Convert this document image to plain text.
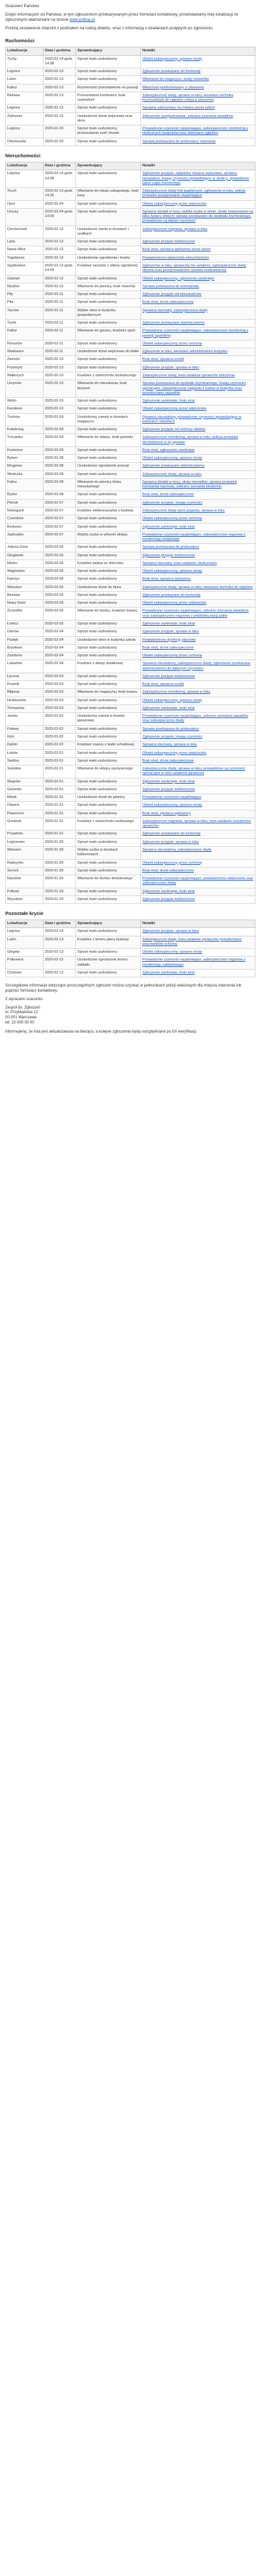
Szanowni Państwo

Dzięki informacjom od Państwa, w tym zgłoszeniom przekazywanym przez formularz kontaktowy, przedstawiamy listę lokalizacji ze zgłoszonymi włamaniami na stronie www.policja.pl.

Poniżej zestawienie zdarzeń z podziałem na rodzaj obiektu, wraz z informacją o działaniach podjętych po zgłoszeniu.

Ruchomości
Lokalizacja	Data i godzina	Sprawdzający	Notatki
Tychy	2020-02-14 godz. 14:38	Sprzęt mało uszkodzony	Obiekt zabezpieczony, spisano straty
Legnica	2020-02-13	Sprzęt mało uszkodzony	Zgłoszenie przekazane do komendy
Lubin	2020-02-13	Sprzęt mało uszkodzony	Włamanie do magazynu, straty niewielkie
Kalisz	2020-02-13	Ruchomości pozostawione na posesji	Właściciel poinformowany o zdarzeniu
Bielawa	2020-02-13	Przeszukanie kontenera, brak uszkodzeń	Zabezpieczono ślady, sprawa w toku; wezwano technika kryminalistyki do oględzin miejsca zdarzenia
Legnica	2020-02-12	Sprzęt mało uszkodzony	Sprawca zatrzymany na miejscu przez patrol
Zabrzeże	2020-02-12	Uszkodzone drzwi wejściowe oraz okno	Zgłoszenie zarejestrowane, zebrano zeznania świadków
Legnica	2020-02-20	Sprzęt mało uszkodzony, przeszukanie szaf i biurek	Prowadzone czynności wyjaśniające, zabezpieczono monitoring z okolicznych budynków oraz dokonano oględzin
Ostrzeszów	2020-02-20	Sprzęt mało uszkodzony	Sprawa przekazana do prokuratury rejonowej
Nieruchomości
Lokalizacja	Data i godzina	Sprawdzający	Notatki
Legnica	2020-02-14 godz. 14:38	Sprzęt mało uszkodzony	Zgłoszenie przyjęte, oględziny miejsca wykonane, sprawcy nieustaleni, trwają czynności sprawdzające w okolicy; sprawdzono także zapis monitoringu
Toruń	2020-02-13 godz. 14:30	Włamanie do lokalu usługowego, brak kasy	Zabezpieczono ślady linii papilarnych, zgłoszenie w toku; policja prowadzi postępowanie wyjaśniające
Opol	2020-02-04	Sprzęt mało uszkodzony	Obiekt zabezpieczony przez właściciela
Ursusy	2020-02-04 godz. 14:00	Sprzęt mało uszkodzony	Sprawca działał w nocy, wybita szyba w oknie, straty oszacowano na kilka tysięcy złotych; sprawę przekazano do wydziału kryminalnego, prowadzone są dalsze czynności
Ciechocinek	2020-02-12	Uszkodzone zamki w drzwiach i szafkach	Zabezpieczono nagrania, sprawa w toku
Lęka	2020-02-12	Sprzęt mało uszkodzony	Zgłoszenie przyjęte telefonicznie
Nowa Wieś	2020-02-12	Sprzęt mało uszkodzony	Brak strat, sprawca spłoszony przez alarm
Tęgoborze	2020-02-12	Uszkodzenie ogrodzenia i bramy	Powiadomiono właściciela nieruchomości
Spytkowice	2020-02-12 godz. 14:00	Kradzież narzędzi z altany ogrodowej	Zgłoszenie w toku, sprawców nie ustalono; zabezpieczono ślady obuwia oraz przeprowadzono wywiad środowiskowy
Gdańsk	2020-02-12	Sprzęt mało uszkodzony	Obiekt zabezpieczony, zgłoszenie zamknięte
Mysłów	2020-02-12	Włamanie do piwnicy, brak rowerów	Sprawa przekazana do komisariatu
Piły	2020-02-11	Sprzęt mało uszkodzony	Zgłoszenie przyjęte od mieszkańców
Piła	2020-02-11	Sprzęt mało uszkodzony	Brak strat, drzwi zabezpieczone
Tarnów	2020-02-11	Wybite okno w budynku gospodarczym	Sprawca nieznany, zabezpieczono ślady
Turek	2020-02-11	Sprzęt mało uszkodzony	Zgłoszenie przekazane dzielnicowemu
Kalisz	2020-02-11	Włamanie do garażu, kradzież opon	Prowadzone czynności wyjaśniające, zabezpieczono monitoring z posesji sąsiedniej
Rzeszów	2020-02-11	Sprzęt mało uszkodzony	Obiekt zabezpieczony przez ochronę
Wadowice	2020-02-11	Uszkodzone drzwi wejściowe do klatki	Zgłoszenie w toku, wezwano administratora budynku
Zamość	2020-02-10	Sprzęt mało uszkodzony	Brak strat, sprawca uciekł
Przemyśl	2020-02-10	Sprzęt mało uszkodzony	Zgłoszenie przyjęte, sprawa w toku
Wałbrzych	2020-02-10	Kradzież z samochodu dostawczego	Zabezpieczono ślady, trwa ustalanie sprawców zdarzenia
Ursynów	2020-02-10	Włamanie do mieszkania, brak biżuterii	Sprawa przekazana do wydziału kryminalnego, trwają czynności operacyjne; zabezpieczono nagrania z kamer w budynku oraz przesłuchano sąsiadów
Wolin	2020-02-10	Sprzęt mało uszkodzony	Zgłoszenie zamknięte, brak strat
Karolewo	2020-02-10	Sprzęt mało uszkodzony	Obiekt zabezpieczony przez właściciela
Tuchów	2020-02-09	Uszkodzony zamek w drzwiach magazynu	Sprawca nieustalony, prowadzone czynności sprawdzające w pobliskich obiektach
Kołobrzeg	2020-02-09	Sprzęt mało uszkodzony	Zgłoszenie przyjęte od ochrony obiektu
Trzcianka	2020-02-09	Włamanie do sklepu, brak gotówki	Zabezpieczono monitoring, sprawa w toku; policja prowadzi dochodzenie w tej sprawie
Kozienice	2020-02-09	Sprzęt mało uszkodzony	Brak strat, zgłoszenie zamknięte
Bytom	2020-02-08	Sprzęt mało uszkodzony	Obiekt zabezpieczony, spisano straty
Mrągowo	2020-02-08	Uszkodzone ogrodzenie posesji	Zgłoszenie przekazane dzielnicowemu
Wieliczka	2020-02-08	Sprzęt mało uszkodzony	Zabezpieczono ślady, sprawa w toku
Kalisz	2020-02-08	Włamanie do piwnicy bloku mieszkalnego	Sprawca działał w nocy, straty niewielkie; sprawę prowadzi komisariat rejonowy, zebrano zeznania lokatorów
Bytów	2020-02-08	Sprzęt mało uszkodzony	Brak strat, drzwi zabezpieczone
Płońsk	2020-02-07	Sprzęt mało uszkodzony	Zgłoszenie przyjęte, trwają czynności
Nowogard	2020-02-07	Kradzież elektronarzędzi z budowy	Zabezpieczono ślady opon pojazdu, sprawa w toku
Czarnków	2020-02-07	Sprzęt mało uszkodzony	Obiekt zabezpieczony przez ochronę
Borkowo	2020-02-07	Sprzęt mało uszkodzony	Zgłoszenie zamknięte, brak strat
Jastrzębie	2020-02-07	Wybita szyba w witrynie sklepu	Prowadzone czynności wyjaśniające, zabezpieczono nagrania z monitoringu miejskiego
Jelenia Góra	2020-02-06	Sprzęt mało uszkodzony	Sprawa przekazana do prokuratury
Głogówek	2020-02-06	Sprzęt mało uszkodzony	Zgłoszenie przyjęte telefonicznie
Mielec	2020-02-06	Kradzież paliwa ze zbiornika	Sprawca nieznany, trwa ustalanie okoliczności
Wągrowiec	2020-02-06	Sprzęt mało uszkodzony	Obiekt zabezpieczony, spisano straty
Kętrzyn	2020-02-06	Sprzęt mało uszkodzony	Brak strat, sprawca spłoszony
Wolsztyn	2020-02-05	Uszkodzone drzwi do biura	Zabezpieczono ślady, sprawa w toku; wezwano technika do oględzin
Bielawa	2020-02-05	Sprzęt mało uszkodzony	Zgłoszenie przekazane do komendy
Nowy Dwór	2020-02-05	Sprzęt mało uszkodzony	Obiekt zabezpieczony przez właściciela
Żyrardów	2020-02-05	Włamanie do kiosku, kradzież towaru	Prowadzone czynności wyjaśniające, zebrano zeznania świadków oraz zabezpieczono nagrania z pobliskiej stacji paliw
Łowicz	2020-02-05	Sprzęt mało uszkodzony	Zgłoszenie zamknięte, brak strat
Ostrów	2020-02-04	Sprzęt mało uszkodzony	Zgłoszenie przyjęte, sprawa w toku
Pasłęk	2020-02-04	Uszkodzone okno w budynku szkoły	Powiadomiono dyrekcję placówki
Braniewo	2020-02-04	Sprzęt mało uszkodzony	Brak strat, drzwi zabezpieczone
Zambrów	2020-02-04	Sprzęt mało uszkodzony	Obiekt zabezpieczony przez ochronę
Lubartów	2020-02-04	Kradzież z altany działkowej	Sprawca nieustalony, zabezpieczono ślady; zgłoszenie przekazane dzielnicowemu do dalszych czynności
Łęczna	2020-02-03	Sprzęt mało uszkodzony	Zgłoszenie przyjęte telefonicznie
Kraśnik	2020-02-03	Sprzęt mało uszkodzony	Brak strat, sprawca uciekł
Biłgoraj	2020-02-03	Włamanie do magazynu, brak towaru	Zabezpieczono monitoring, sprawa w toku
Hrubieszów	2020-02-03	Sprzęt mało uszkodzony	Obiekt zabezpieczony, spisano straty
Tomaszów	2020-02-03	Sprzęt mało uszkodzony	Zgłoszenie zamknięte, brak strat
Janów	2020-02-02	Uszkodzony zamek w bramie garażowej	Prowadzone czynności wyjaśniające, zebrano zeznania sąsiadów oraz zabezpieczono ślady
Puławy	2020-02-02	Sprzęt mało uszkodzony	Sprawa przekazana do prokuratury
Ryki	2020-02-02	Sprzęt mało uszkodzony	Zgłoszenie przyjęte, trwają czynności
Dęblin	2020-02-02	Kradzież roweru z klatki schodowej	Sprawca nieznany, sprawa w toku
Łuków	2020-02-01	Sprzęt mało uszkodzony	Obiekt zabezpieczony przez właściciela
Siedlce	2020-02-01	Sprzęt mało uszkodzony	Brak strat, drzwi zabezpieczone
Sokołów	2020-02-01	Włamanie do sklepu spożywczego	Zabezpieczono ślady, sprawa w toku; prowadzone są czynności operacyjne w celu ustalenia sprawców
Węgrów	2020-02-01	Sprzęt mało uszkodzony	Zgłoszenie zamknięte, brak strat
Garwolin	2020-02-01	Sprzęt mało uszkodzony	Zgłoszenie przyjęte telefonicznie
Mińsk	2020-01-31	Uszkodzone drzwi do piwnicy	Prowadzone czynności wyjaśniające
Otwock	2020-01-31	Sprzęt mało uszkodzony	Obiekt zabezpieczony, spisano straty
Piaseczno	2020-01-31	Sprzęt mało uszkodzony	Brak strat, sprawca spłoszony
Grodzisk	2020-01-31	Kradzież z samochodu osobowego	Zabezpieczono nagrania, sprawa w toku; trwa ustalanie tożsamości sprawców
Pruszków	2020-01-31	Sprzęt mało uszkodzony	Zgłoszenie przekazane do komendy
Legionowo	2020-01-30	Sprzęt mało uszkodzony	Zgłoszenie przyjęte, sprawa w toku
Wołomin	2020-01-30	Wybita szyba w drzwiach balkonowych	Sprawca nieustalony, zabezpieczono ślady
Radzymin	2020-01-30	Sprzęt mało uszkodzony	Obiekt zabezpieczony przez ochronę
Serock	2020-01-30	Sprzęt mało uszkodzony	Brak strat, drzwi zabezpieczone
Nasielsk	2020-01-30	Włamanie do domku letniskowego	Prowadzone czynności wyjaśniające, powiadomiono właściciela oraz zabezpieczono ślady
Pułtusk	2020-01-29	Sprzęt mało uszkodzony	Zgłoszenie zamknięte, brak strat
Wyszków	2020-01-29	Sprzęt mało uszkodzony	Zgłoszenie przyjęte telefonicznie
Pozostałe krycie
Lokalizacja	Data i godzina	Sprawdzający	Notatki
Legnica	2020-02-14	Sprzęt mało uszkodzony	Zgłoszenie przyjęte, sprawa w toku
Lubin	2020-02-13	Kradzież z terenu placu budowy	Zabezpieczono ślady, trwa ustalanie sprawców; przesłuchano pracowników ochrony
Głogów	2020-02-13	Sprzęt mało uszkodzony	Obiekt zabezpieczony, spisano straty
Polkowice	2020-02-12	Uszkodzone ogrodzenie terenu zakładu	Prowadzone czynności wyjaśniające, zabezpieczono nagrania z monitoringu zakładowego
Chojnów	2020-02-12	Sprzęt mało uszkodzony	Zgłoszenie zamknięte, brak strat

Szczegółowe informacje dotyczące poszczególnych zgłoszeń można uzyskać w jednostkach policji właściwych dla miejsca zdarzenia lub poprzez formularz kontaktowy.

Z wyrazami szacunku

Zespół ds. Zgłoszeń
ul. Przykładowa 12
00-001 Warszawa
tel. 22 000 00 00

Informujemy, że lista jest aktualizowana na bieżąco, a kolejne zgłoszenia będą uwzględniane po ich weryfikacji.
